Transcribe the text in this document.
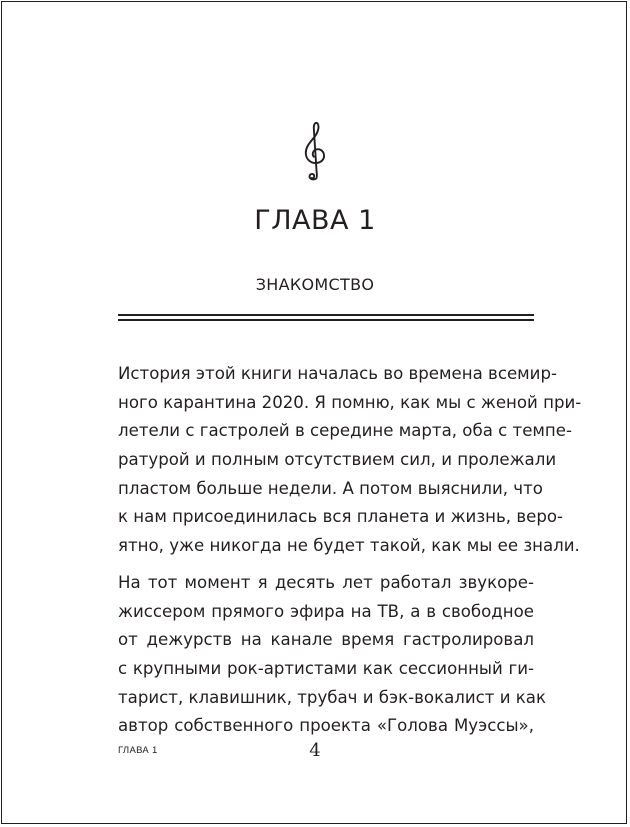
ГЛАВА 1
ЗНАКОМСТВО
История этой книги началась во времена всемир-
ного карантина 2020. Я помню, как мы с женой при-
летели с гастролей в середине марта, оба с темпе-
ратурой и полным отсутствием сил, и пролежали
пластом больше недели. А потом выяснили, что
к нам присоединилась вся планета и жизнь, веро-
ятно, уже никогда не будет такой, как мы ее знали.
На тот момент я десять лет работал звукоре-
жиссером прямого эфира на ТВ, а в свободное
от дежурств на канале время гастролировал
с крупными рок-артистами как сессионный ги-
тарист, клавишник, трубач и бэк-вокалист и как
автор собственного проекта «Голова Муэссы»,
ГЛАВА 1	4
